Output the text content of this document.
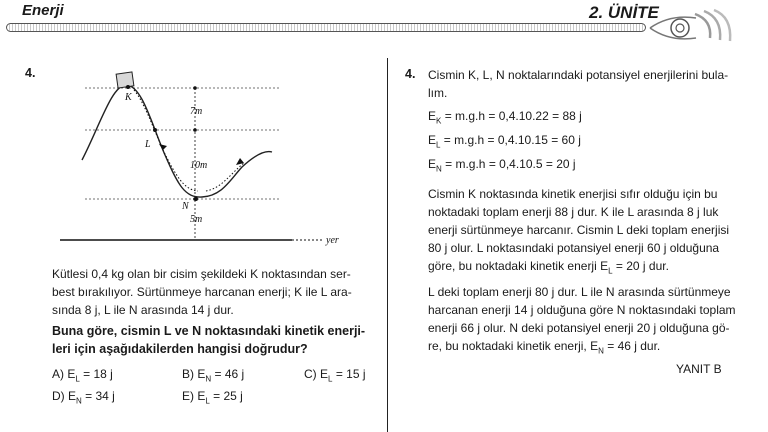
Enerji	2. ÜNİTE
4.
K
L
N
7m
10m
5m
yer
Kütlesi 0,4 kg olan bir cisim şekildeki K noktasından ser-
best bırakılıyor. Sürtünmeye harcanan enerji; K ile L ara-
sında 8 j, L ile N arasında 14 j dur.
Buna göre, cismin L ve N noktasındaki kinetik enerji-
leri için aşağıdakilerden hangisi doğrudur?
A) $E_L = 18$ j	B) $E_N = 46$ j	C) $E_L = 15$ j
D) $E_N = 34$ j	E) $E_L = 25$ j
4. Cismin K, L, N noktalarındaki potansiyel enerjilerini bula-
lım.
$E_K = m.g.h = 0,4.10.22 = 88$ j
$E_L = m.g.h = 0,4.10.15 = 60$ j
$E_N = m.g.h = 0,4.10.5 = 20$ j
Cismin K noktasında kinetik enerjisi sıfır olduğu için bu
noktadaki toplam enerji 88 j dur. K ile L arasında 8 j luk
enerji sürtünmeye harcanır. Cismin L deki toplam enerjisi
80 j olur. L noktasındaki potansiyel enerji 60 j olduğuna
göre, bu noktadaki kinetik enerji $E_L = 20$ j dur.
L deki toplam enerji 80 j dur. L ile N arasında sürtünmeye
harcanan enerji 14 j olduğuna göre N noktasındaki toplam
enerji 66 j olur. N deki potansiyel enerji 20 j olduğuna gö-
re, bu noktadaki kinetik enerji, $E_N = 46$ j dur.
YANIT B
